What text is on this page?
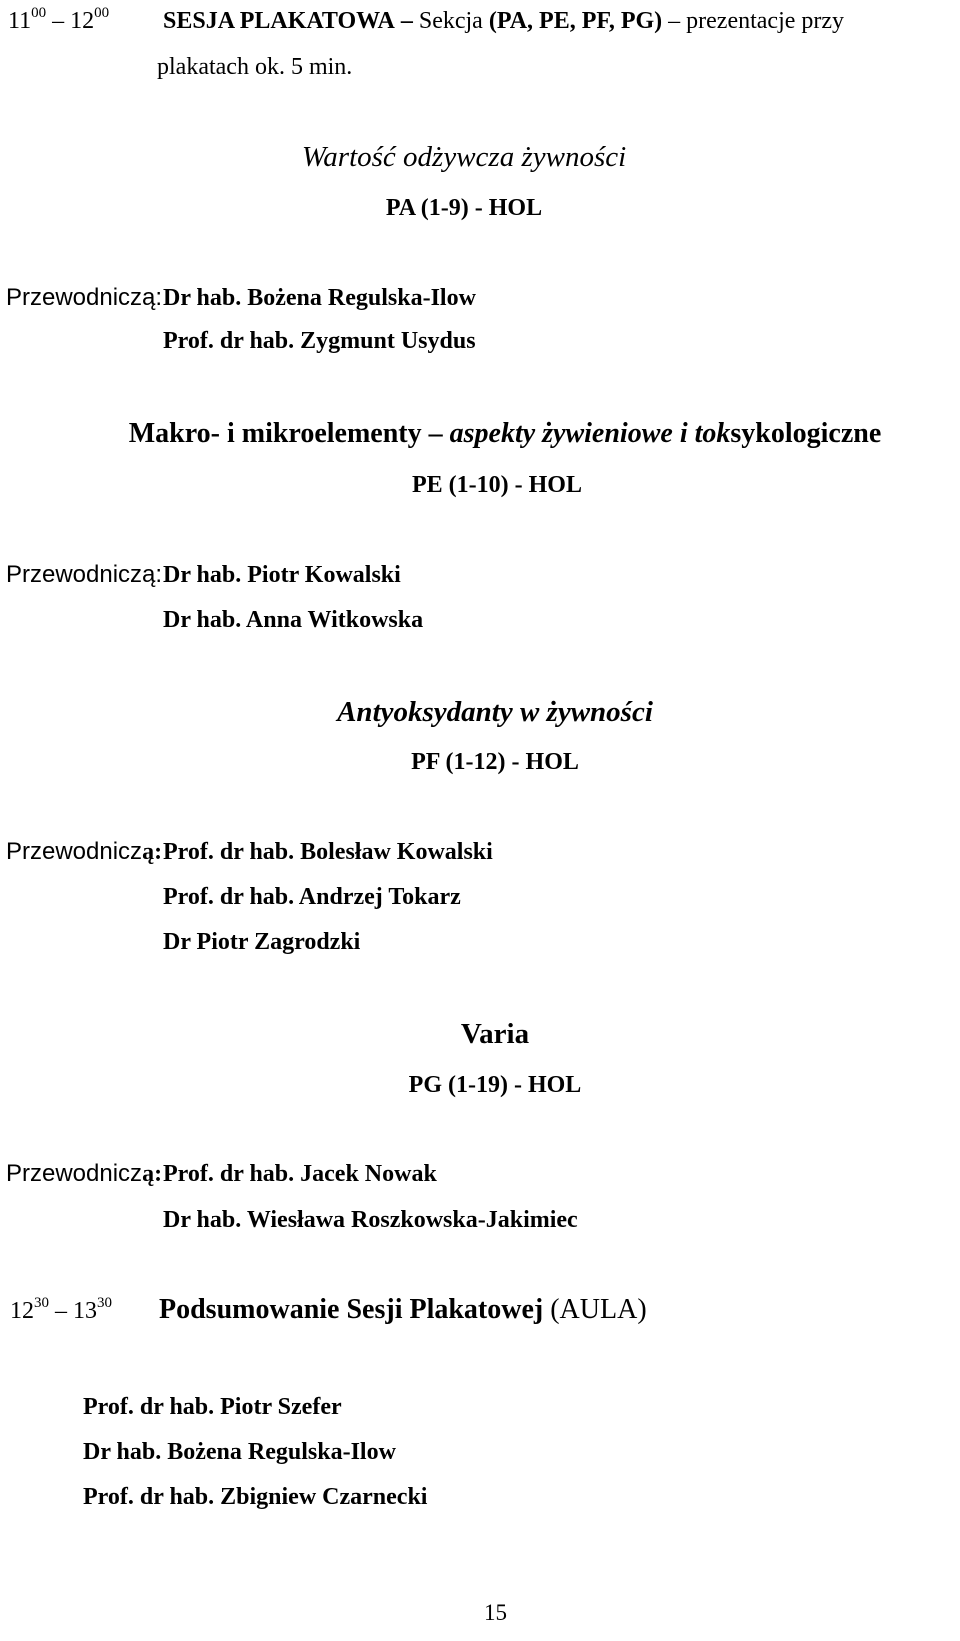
$11^{00} - 12^{00}$ SESJA PLAKATOWA – Sekcja (PA, PE, PF, PG) – prezentacje przy
plakatach ok. 5 min.
Wartość odżywcza żywności
PA (1-9) - HOL
Przewodniczą: Dr hab. Bożena Regulska-Ilow
Prof. dr hab. Zygmunt Usydus
Makro- i mikroelementy – aspekty żywieniowe i toksykologiczne
PE (1-10) - HOL
Przewodniczą: Dr hab. Piotr Kowalski
Dr hab. Anna Witkowska
Antyoksydanty w żywności
PF (1-12) - HOL
Przewodniczą: Prof. dr hab. Bolesław Kowalski
Prof. dr hab. Andrzej Tokarz
Dr Piotr Zagrodzki
Varia
PG (1-19) - HOL
Przewodniczą: Prof. dr hab. Jacek Nowak
Dr hab. Wiesława Roszkowska-Jakimiec
$12^{30} - 13^{30}$ Podsumowanie Sesji Plakatowej (AULA)
Prof. dr hab. Piotr Szefer
Dr hab. Bożena Regulska-Ilow
Prof. dr hab. Zbigniew Czarnecki
15
